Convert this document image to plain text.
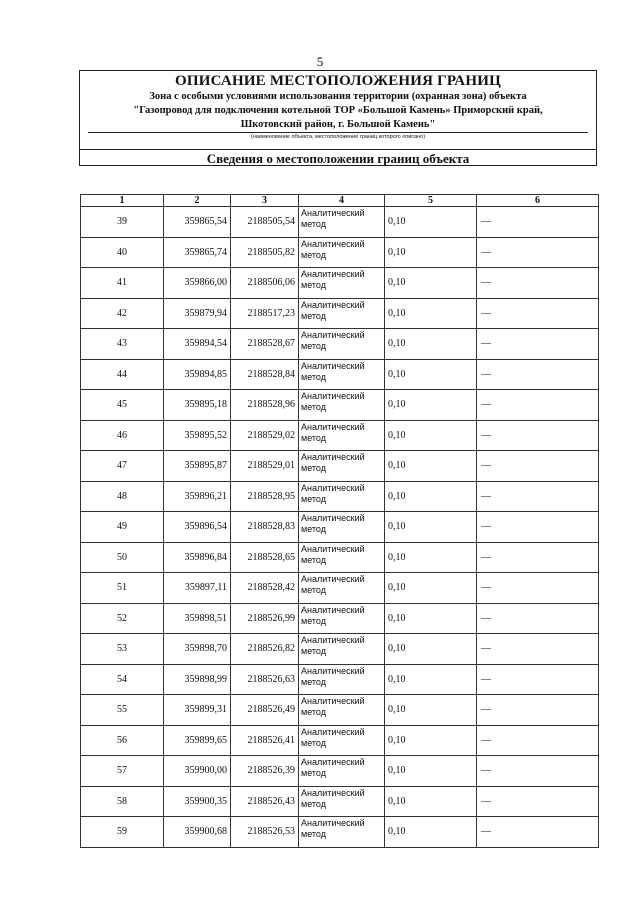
5
ОПИСАНИЕ МЕСТОПОЛОЖЕНИЯ ГРАНИЦ
Зона с особыми условиями использования территории (охранная зона) объекта
"Газопровод для подключения котельной ТОР «Большой Камень» Приморский край,
Шкотовский район, г. Большой Камень"
(наименование объекта, местоположение границ которого описано)
Сведения о местоположении границ объекта
1	2	3	4	5	6
39	359865,54	2188505,54	Аналитический метод	0,10	—
40	359865,74	2188505,82	Аналитический метод	0,10	—
41	359866,00	2188506,06	Аналитический метод	0,10	—
42	359879,94	2188517,23	Аналитический метод	0,10	—
43	359894,54	2188528,67	Аналитический метод	0,10	—
44	359894,85	2188528,84	Аналитический метод	0,10	—
45	359895,18	2188528,96	Аналитический метод	0,10	—
46	359895,52	2188529,02	Аналитический метод	0,10	—
47	359895,87	2188529,01	Аналитический метод	0,10	—
48	359896,21	2188528,95	Аналитический метод	0,10	—
49	359896,54	2188528,83	Аналитический метод	0,10	—
50	359896,84	2188528,65	Аналитический метод	0,10	—
51	359897,11	2188528,42	Аналитический метод	0,10	—
52	359898,51	2188526,99	Аналитический метод	0,10	—
53	359898,70	2188526,82	Аналитический метод	0,10	—
54	359898,99	2188526,63	Аналитический метод	0,10	—
55	359899,31	2188526,49	Аналитический метод	0,10	—
56	359899,65	2188526,41	Аналитический метод	0,10	—
57	359900,00	2188526,39	Аналитический метод	0,10	—
58	359900,35	2188526,43	Аналитический метод	0,10	—
59	359900,68	2188526,53	Аналитический метод	0,10	—
